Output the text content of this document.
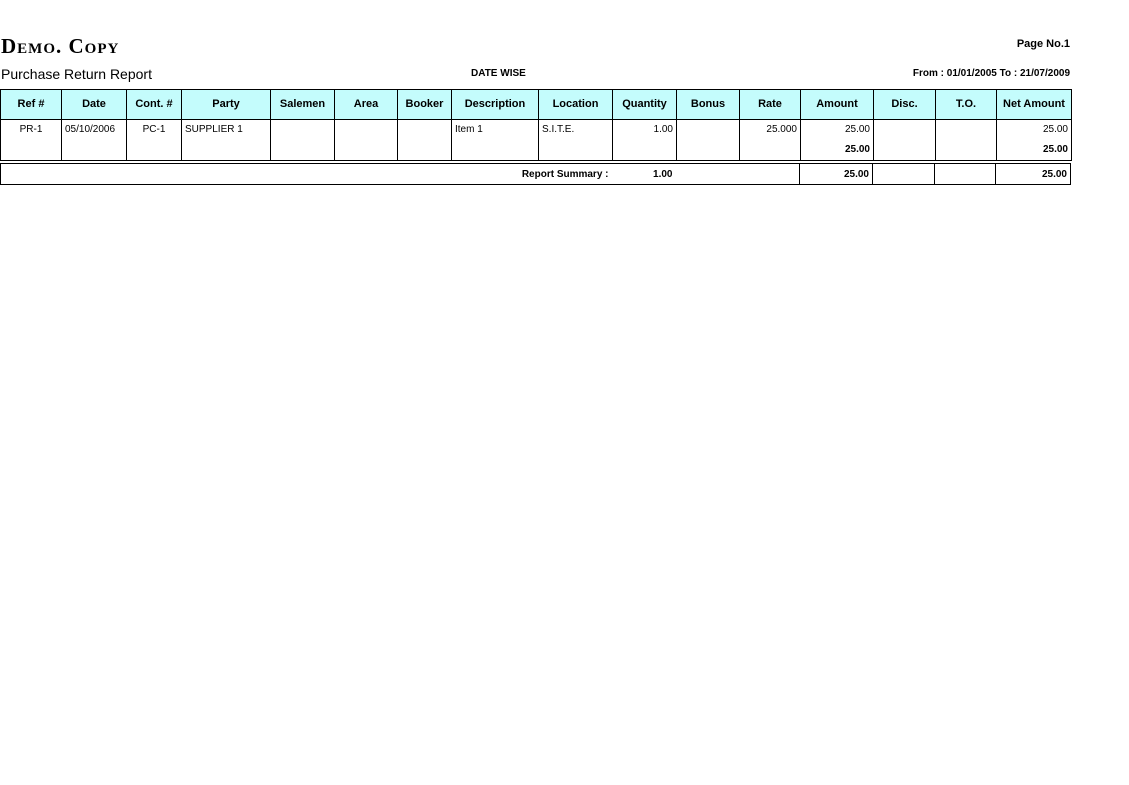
Demo. Copy	Page No.1
Purchase Return Report	DATE WISE	From : 01/01/2005 To : 21/07/2009
Ref #	Date	Cont. #	Party	Salemen	Area	Booker	Description	Location	Quantity	Bonus	Rate	Amount	Disc.	T.O.	Net Amount
PR-1	05/10/2006	PC-1	SUPPLIER 1				Item 1	S.I.T.E.	1.00		25.000	25.00			25.00
												25.00			25.00
Report Summary :	1.00		25.00			25.00
